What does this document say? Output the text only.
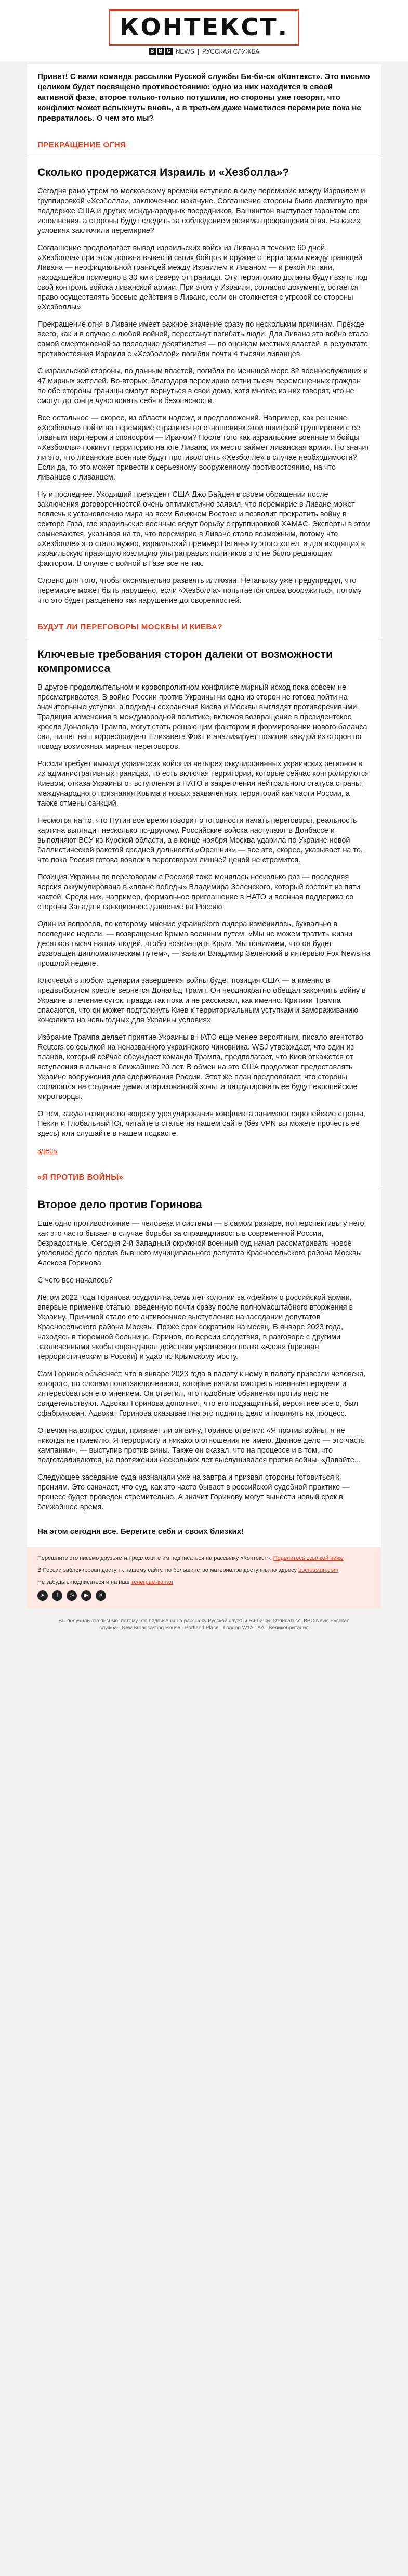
КОНТЕКСТ.
B B C NEWS | РУССКАЯ СЛУЖБА
Привет! С вами команда рассылки Русской службы Би-би-си «Контекст». Это письмо целиком будет посвящено противостоянию: одно из них находится в своей активной фазе, второе только-только потушили, но стороны уже говорят, что конфликт может вспыхнуть вновь, а в третьем даже наметился перемирие пока не превратилось. О чем это мы?
ПРЕКРАЩЕНИЕ ОГНЯ
Сколько продержатся Израиль и «Хезболла»?
Сегодня рано утром по московскому времени вступило в силу перемирие между Израилем и группировкой «Хезболла», заключенное накануне. Соглашение стороны было достигнуто при поддержке США и других международных посредников. Вашингтон выступает гарантом его исполнения, а стороны будут следить за соблюдением режима прекращения огня. На каких условиях заключили перемирие?
Соглашение предполагает вывод израильских войск из Ливана в течение 60 дней. «Хезболла» при этом должна вывести своих бойцов и оружие с территории между границей Ливана — неофициальной границей между Израилем и Ливаном — и рекой Литани, находящейся примерно в 30 км к северу от границы. Эту территорию должны будут взять под свой контроль войска ливанской армии. При этом у Израиля, согласно документу, остается право осуществлять боевые действия в Ливане, если он столкнется с угрозой со стороны «Хезболлы».
Прекращение огня в Ливане имеет важное значение сразу по нескольким причинам. Прежде всего, как и в случае с любой войной, перестанут погибать люди. Для Ливана эта война стала самой смертоносной за последние десятилетия — по оценкам местных властей, в результате противостояния Израиля с «Хезболлой» погибли почти 4 тысячи ливанцев.
С израильской стороны, по данным властей, погибли по меньшей мере 82 военнослужащих и 47 мирных жителей. Во-вторых, благодаря перемирию сотни тысяч перемещенных граждан по обе стороны границы смогут вернуться в свои дома, хотя многие из них говорят, что не смогут до конца чувствовать себя в безопасности.
Все остальное — скорее, из области надежд и предположений. Например, как решение «Хезболлы» пойти на перемирие отразится на отношениях этой шиитской группировки с ее главным партнером и спонсором — Ираном? После того как израильские военные и бойцы «Хезболлы» покинут территорию на юге Ливана, их место займет ливанская армия. Но значит ли это, что ливанские военные будут противостоять «Хезболле» в случае необходимости? Если да, то это может привести к серьезному вооруженному противостоянию, на что ливанцев с ливанцем.
Ну и последнее. Уходящий президент США Джо Байден в своем обращении после заключения договоренностей очень оптимистично заявил, что перемирие в Ливане может повлечь к установлению мира на всем Ближнем Востоке и позволит прекратить войну в секторе Газа, где израильские военные ведут борьбу с группировкой ХАМАС. Эксперты в этом сомневаются, указывая на то, что перемирие в Ливане стало возможным, потому что «Хезболле» это стало нужно, израильский премьер Нетаньяху этого хотел, а для входящих в израильскую правящую коалицию ультраправых политиков это не было решающим фактором. В случае с войной в Газе все не так.
Словно для того, чтобы окончательно развеять иллюзии, Нетаньяху уже предупредил, что перемирие может быть нарушено, если «Хезболла» попытается снова вооружиться, потому что это будет расценено как нарушение договоренностей.
БУДУТ ЛИ ПЕРЕГОВОРЫ МОСКВЫ И КИЕВА?
Ключевые требования сторон далеки от возможности компромисса
В другое продолжительном и кровопролитном конфликте мирный исход пока совсем не просматривается. В войне России против Украины ни одна из сторон не готова пойти на значительные уступки, а подходы сохранения Киева и Москвы выглядят противоречивыми. Традиция изменения в международной политике, включая возвращение в президентское кресло Дональда Трампа, могут стать решающим фактором в формировании нового баланса сил, пишет наш корреспондент Елизавета Фохт и анализирует позиции каждой из сторон по поводу возможных мирных переговоров.
Россия требует вывода украинских войск из четырех оккупированных украинских регионов в их административных границах, то есть включая территории, которые сейчас контролируются Киевом; отказа Украины от вступления в НАТО и закрепления нейтрального статуса страны; международного признания Крыма и новых захваченных территорий как части России, а также отмены санкций.
Несмотря на то, что Путин все время говорит о готовности начать переговоры, реальность картина выглядит несколько по-другому. Российские войска наступают в Донбассе и выполняют ВСУ из Курской области, а в конце ноября Москва ударила по Украине новой баллистической ракетой средней дальности «Орешник» — все это, скорее, указывает на то, что пока Россия готова вовлек в переговорам лишней ценой не стремится.
Позиция Украины по переговорам с Россией тоже менялась несколько раз — последняя версия аккумулирована в «плане победы» Владимира Зеленского, который состоит из пяти частей. Среди них, например, формальное приглашение в НАТО и военная поддержка со стороны Запада и санкционное давление на Россию.
Один из вопросов, по которому мнение украинского лидера изменилось, буквально в последние недели, — возвращение Крыма военным путем. «Мы не можем тратить жизни десятков тысяч наших людей, чтобы возвращать Крым. Мы понимаем, что он будет возвращен дипломатическим путем», — заявил Владимир Зеленский в интервью Fox News на прошлой неделе.
Ключевой в любом сценарии завершения войны будет позиция США — а именно в предвыборном кресле вернется Дональд Трамп. Он неоднократно обещал закончить войну в Украине в течение суток, правда так пока и не рассказал, как именно. Критики Трампа опасаются, что он может подтолкнуть Киев к территориальным уступкам и замораживанию конфликта на невыгодных для Украины условиях.
Избрание Трампа делает приятие Украины в НАТО еще менее вероятным, писало агентство Reuters со ссылкой на неназванного украинского чиновника. WSJ утверждает, что один из планов, который сейчас обсуждает команда Трампа, предполагает, что Киев откажется от вступления в альянс в ближайшие 20 лет. В обмен на это США продолжат предоставлять Украине вооружения для сдерживания России. Этот же план предполагает, что стороны согласятся на создание демилитаризованной зоны, а патрулировать ее будут европейские миротворцы.
О том, какую позицию по вопросу урегулирования конфликта занимают европейские страны, Пекин и Глобальный Юг, читайте в статье на нашем сайте (без VPN вы можете прочесть ее здесь) или слушайте в нашем подкасте.
здесь
«Я ПРОТИВ ВОЙНЫ»
Второе дело против Горинова
Еще одно противостояние — человека и системы — в самом разгаре, но перспективы у него, как это часто бывает в случае борьбы за справедливость в современной России, безрадостные. Сегодня 2-й Западный окружной военный суд начал рассматривать новое уголовное дело против бывшего муниципального депутата Красносельского района Москвы Алексея Горинова.
С чего все началось?
Летом 2022 года Горинова осудили на семь лет колонии за «фейки» о российской армии, впервые применив статью, введенную почти сразу после полномасштабного вторжения в Украину. Причиной стало его антивоенное выступление на заседании депутатов Красносельского района Москвы. Позже срок сократили на месяц. В январе 2023 года, находясь в тюремной больнице, Горинов, по версии следствия, в разговоре с другими заключенными якобы оправдывал действия украинского полка «Азов» (признан террористическим в России) и удар по Крымскому мосту.
Сам Горинов объясняет, что в январе 2023 года в палату к нему в палату привезли человека, которого, по словам политзаключенного, которые начали смотреть военные передачи и интересоваться его мнением. Он ответил, что подобные обвинения против него не свидетельствуют. Адвокат Горинова дополнил, что его подзащитный, вероятнее всего, был сфабрикован. Адвокат Горинова оказывает на это поднять дело и повлиять на процесс.
Отвечая на вопрос судьи, признает ли он вину, Горинов ответил: «Я против войны, я не никогда не приемлю. Я террористу и никакого отношения не имею. Данное дело — это часть кампании», — выступив против вины. Также он сказал, что на процессе и в том, что подготавливаются, на протяжении нескольких лет выслушивался против войны. «Давайте...
Следующее заседание суда назначили уже на завтра и призвал стороны готовиться к прениям. Это означает, что суд, как это часто бывает в российской судебной практике — процесс будет проведен стремительно. А значит Горинову могут вынести новый срок в ближайшее время.
На этом сегодня все. Берегите себя и своих близких!

Перешлите это письмо друзьям и предложите им подписаться на рассылку «Контекст». Поделитесь ссылкой ниже

В России заблокирован доступ к нашему сайту, но большинство материалов доступны по адресу bbcrussian.com

Не забудьте подписаться и на наш телеграм-канал

➤	f	◎	▶	✕
Вы получили это письмо, потому что подписаны на рассылку Русской службы Би-би-си. Отписаться. BBC News Русская служба · New Broadcasting House · Portland Place · London W1A 1AA · Великобритания
